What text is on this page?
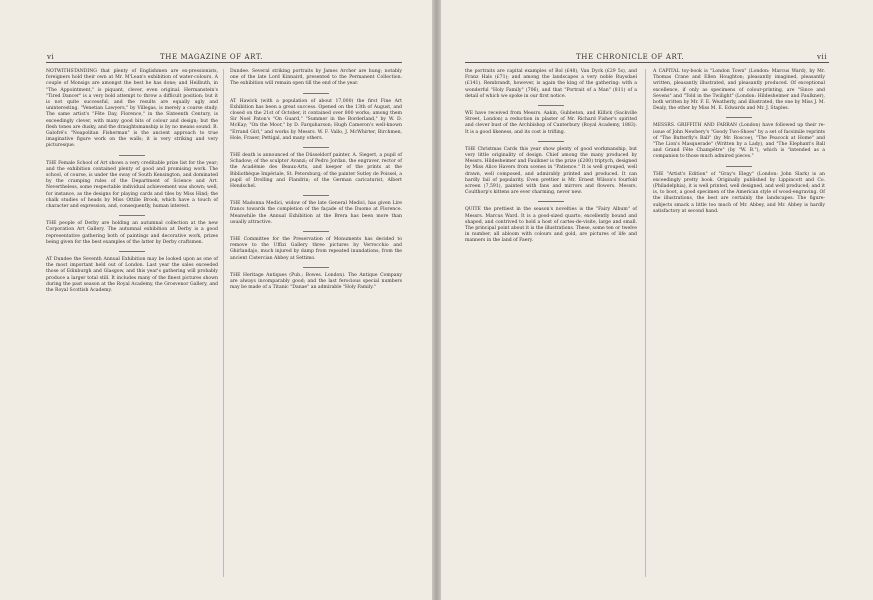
vi	THE MAGAZINE OF ART.

NOTWITHSTANDING that plenty of Englishmen are ex-pressionists, foreigners hold their own at Mr. M'Lean's exhibition of water-colours. A couple of Monsigs are amongst the best he has done; and Heilbuth, in "The Appointment," is piquant, clever, even original. Hermanstein's "Tired Dancer" is a very bold attempt to throw a difficult position; but it is not quite successful, and the results are equally ugly and uninteresting. "Venetian Lawyers," by Villegas, is merely a coarse study. The same artist's "Fête Day, Florence," in the Sixteenth Century, is exceedingly clever, with many good bits of colour and design; but the flesh tones are dusky, and the draughtsmanship is by no means sound. B. Galofré's "Neapolitan Fisherman" is the ancient approach to true imaginative figure work on the walls; it is very striking and very picturesque.

THE Female School of Art shows a very creditable prize list for the year; and the exhibition contained plenty of good and promising work. The school, of course, is under the sway of South Kensington, and dominated by the cramping rules of the Department of Science and Art. Nevertheless, some respectable individual achievement was shown; well, for instance, as the designs for playing cards and tiles by Miss Hind; the chalk studies of heads by Miss Ottilie Brook, which have a touch of character and expression, and, consequently, human interest.

THE people of Derby are holding an autumnal collection at the new Corporation Art Gallery. The autumnal exhibition at Derby is a good representative gathering both of paintings and decorative work, prizes being given for the best examples of the latter by Derby craftsmen.

AT Dundee the Seventh Annual Exhibition may be looked upon as one of the most important held out of London. Last year the sales exceeded those of Edinburgh and Glasgow, and this year's gathering will probably produce a larger total still. It includes many of the finest pictures shown during the past season at the Royal Academy, the Grosvenor Gallery, and the Royal Scottish Academy.

Dundee. Several striking portraits by James Archer are hung; notably one of the late Lord Kinnaird, presented to the Permanent Collection. The exhibition will remain open till the end of the year.

AT Hawick (with a population of about 17,000) the first Fine Art Exhibition has been a great success. Opened on the 13th of August, and closed on the 21st of October, it contained over 800 works; among them Sir Noel Paton's "On Guard," "Summer in the Borderland," by W. D. McKay; "On the Moor," by D. Farquharson; Hugh Cameron's well-known "Errand Girl," and works by Messrs. W. F. Vallo, J. McWhirter, Birchmen, Hole, Fraser, Pettigal, and many others.

THE death is announced of the Düsseldorf painter, A. Siegert, a pupil of Schadow; of the sculptor Avanzi; of Pedro Jordan, the engraver, rector of the Académie des Beaux-Arts, and keeper of the prints at the Bibliothèque Impériale, St. Petersburg; of the painter Sutley de Poissel, a pupil of Drolling and Flandrin; of the German caricaturist, Albert Hendschel.

THE Madonna Medici, widow of the late General Medici, has given Lire francs towards the completion of the façade of the Duomo at Florence. Meanwhile the Annual Exhibition at the Brera has been more than usually attractive.

THE Committee for the Preservation of Monuments has decided to remove to the Uffizi Gallery three pictures by Verrocchio and Ghirlandajo, much injured by damp from repeated inundations, from the ancient Cistercian Abbey at Settimo.

THE Heritage Antiques (Pub.; Bowes. London). The Antique Company are always incomparably good; and the last ferocious special numbers may be made of a Titanic "Danae" an admirable "Holy Family."

THE CHRONICLE OF ART.	vii

the portraits are capital examples of Bol (£48), Van Dyck (£29 5s), and Franz Hals (£71); and among the landscapes a very noble Ruysdael (£141). Rembrandt, however, is again the king of the gathering: with a wonderful "Holy Family" (706), and that "Portrait of a Man" (811) of a detail of which we spoke in our first notice.

WE have received from Messrs. Aakin, Gubbeton, and Killick (Sackville Street, London) a reduction in plaster of Mr. Richard Fisher's spirited and clever bust of the Archbishop of Canterbury (Royal Academy, 1883). It is a good likeness, and its cost is trifling.

THE Christmas Cards this year show plenty of good workmanship, but very little originality of design. Chief among the many produced by Messrs. Hildesheimer and Faulkner is the prize (£200) triptych, designed by Miss Alice Havers from scenes in "Patience." It is well grouped, well drawn, well composed, and admirably printed and produced. It can hardly fail of popularity. Even prettier is Mr. Ernest Wilson's fourfold screen (7,591), painted with fans and mirrors and flowers. Messrs. Coulthorp's kittens are ever charming, never new.

QUITE the prettiest in the season's novelties is the "Fairy Album" of Messrs. Marcus Ward. It is a good-sized quarto, excellently bound and shaped, and contrived to hold a host of cartes-de-visite, large and small. The principal point about it is the illustrations. These, some ten or twelve in number, all abloom with colours and gold, are pictures of life and manners in the land of Faery.

A CAPITAL toy-book is "London Town" (London: Marcus Ward), by Mr. Thomas Crane and Ellen Houghton; pleasantly imagined, pleasantly written, pleasantly illustrated, and pleasantly produced. Of exceptional excellence, if only as specimens of colour-printing, are "Since and Sevens" and "Told in the Twilight" (London: Hildesheimer and Faulkner), both written by Mr. F. E. Weatherly, and illustrated, the one by Miss J. M. Dealy, the other by Miss M. E. Edwards and Mr. J. Staples.

MESSRS. GRIFFITH AND FARRAN (London) have followed up their re-issue of John Newbery's "Goody Two-Shoes" by a set of facsimile reprints of "The Butterfly's Ball" (by Mr. Roscoe), "The Peacock at Home" and "The Lion's Masquerade" (Written by a Lady), and "The Elephant's Ball and Grand Fête Champêtre" (by "W. B."), which is "intended as a companion to those much admired pieces."

THE "Artist's Edition" of "Gray's Elegy" (London: John Slark) is an exceedingly pretty book. Originally published by Lippincott and Co. (Philadelphia), it is well printed, well designed, and well produced; and it is, to boot, a good specimen of the American style of wood-engraving. Of the illustrations, the best are certainly the landscapes. The figure-subjects smack a little too much of Mr. Abbey, and Mr. Abbey is hardly satisfactory at second hand.
